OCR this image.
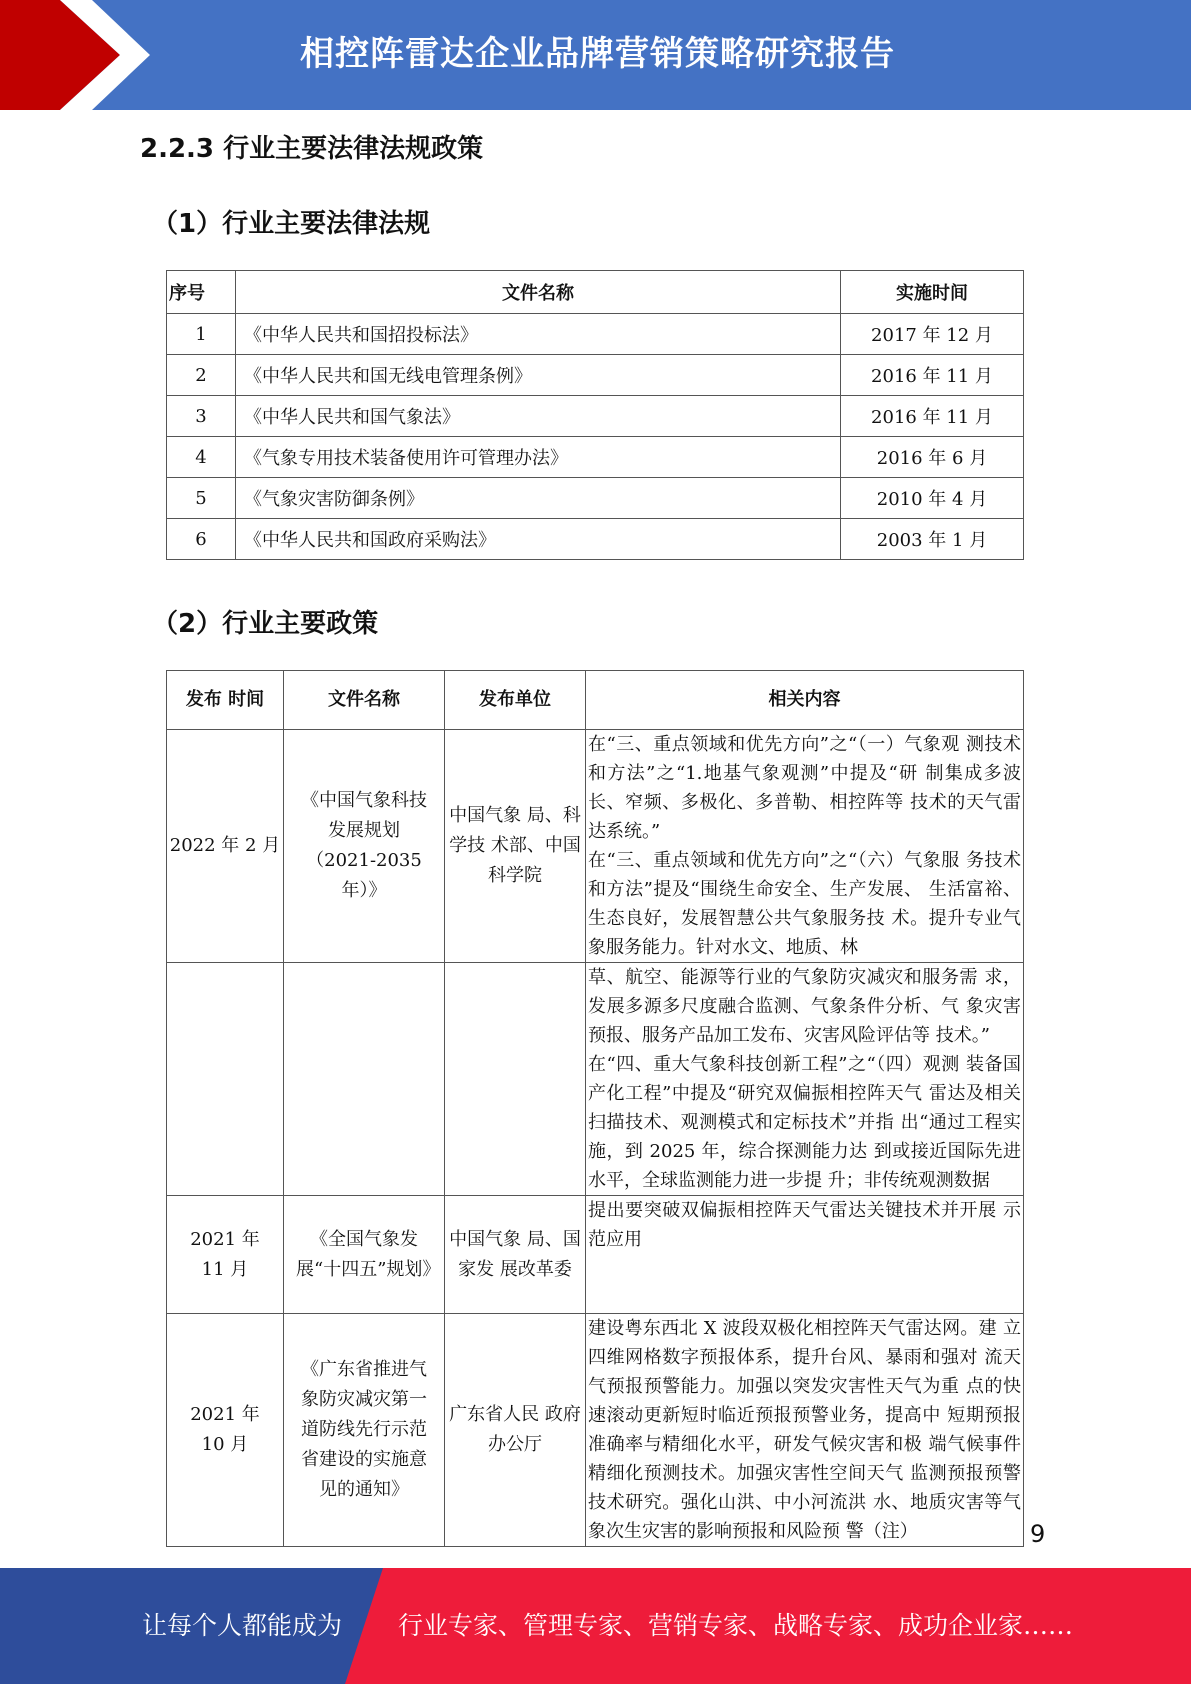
相控阵雷达企业品牌营销策略研究报告
2.2.3 行业主要法律法规政策
（1）行业主要法律法规
序号	文件名称	实施时间
1	《中华人民共和国招投标法》	2017 年 12 月
2	《中华人民共和国无线电管理条例》	2016 年 11 月
3	《中华人民共和国气象法》	2016 年 11 月
4	《气象专用技术装备使用许可管理办法》	2016 年 6 月
5	《气象灾害防御条例》	2010 年 4 月
6	《中华人民共和国政府采购法》	2003 年 1 月
（2）行业主要政策
发布 时间	文件名称	发布单位	相关内容
2022 年 2 月	《中国气象科技发展规划（2021-2035 年）》	中国气象 局、科学技 术部、中国 科学院	在“三、重点领域和优先方向”之“（一）气象观 测技术和方法”之“1.地基气象观测”中提及“研 制集成多波长、窄频、多极化、多普勒、相控阵等 技术的天气雷达系统。”
在“三、重点领域和优先方向”之“（六）气象服 务技术和方法”提及“围绕生命安全、生产发展、 生活富裕、生态良好，发展智慧公共气象服务技 术。提升专业气象服务能力。针对水文、地质、林
			草、航空、能源等行业的气象防灾减灾和服务需 求，发展多源多尺度融合监测、气象条件分析、气 象灾害预报、服务产品加工发布、灾害风险评估等 技术。”
在“四、重大气象科技创新工程”之“（四）观测 装备国产化工程”中提及“研究双偏振相控阵天气 雷达及相关扫描技术、观测模式和定标技术”并指 出“通过工程实施，到 2025 年，综合探测能力达 到或接近国际先进水平，全球监测能力进一步提 升；非传统观测数据
2021 年 11 月	《全国气象发展“十四五”规划》	中国气象 局、国家发 展改革委	提出要突破双偏振相控阵天气雷达关键技术并开展 示范应用
2021 年 10 月	《广东省推进气象防灾减灾第一道防线先行示范省建设的实施意见的通知》	广东省人民 政府办公厅	建设粤东西北 X 波段双极化相控阵天气雷达网。建 立四维网格数字预报体系，提升台风、暴雨和强对 流天气预报预警能力。加强以突发灾害性天气为重 点的快速滚动更新短时临近预报预警业务，提高中 短期预报准确率与精细化水平，研发气候灾害和极 端气候事件精细化预测技术。加强灾害性空间天气 监测预报预警技术研究。强化山洪、中小河流洪 水、地质灾害等气象次生灾害的影响预报和风险预 警（注）	9
让每个人都能成为 行业专家、管理专家、营销专家、战略专家、成功企业家……
